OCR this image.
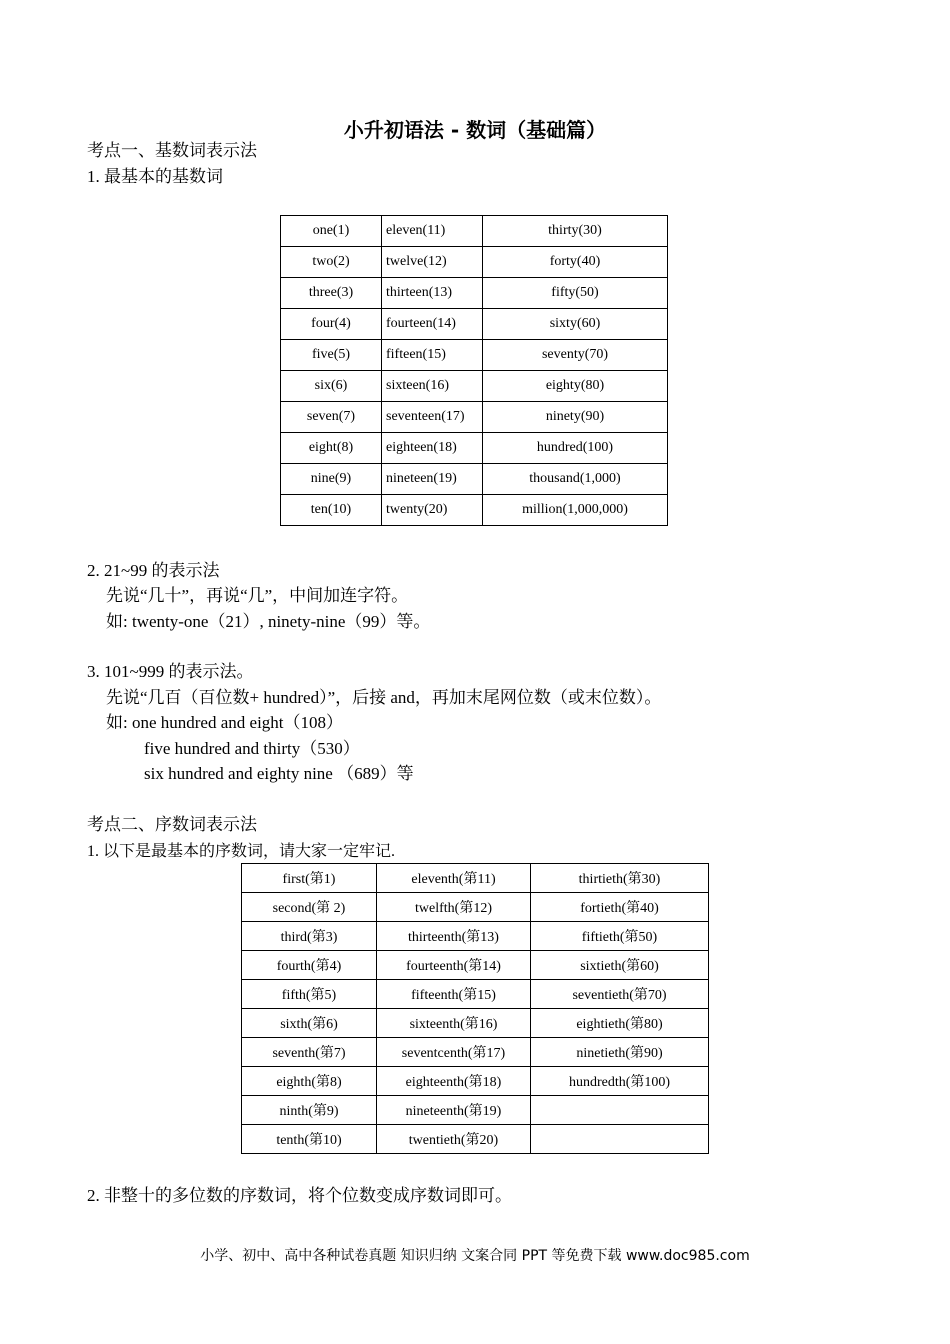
小升初语法 - 数词（基础篇）
考点一、基数词表示法
1. 最基本的基数词
one(1)	eleven(11)	thirty(30)
two(2)	twelve(12)	forty(40)
three(3)	thirteen(13)	fifty(50)
four(4)	fourteen(14)	sixty(60)
five(5)	fifteen(15)	seventy(70)
six(6)	sixteen(16)	eighty(80)
seven(7)	seventeen(17)	ninety(90)
eight(8)	eighteen(18)	hundred(100)
nine(9)	nineteen(19)	thousand(1,000)
ten(10)	twenty(20)	million(1,000,000)
2. 21~99 的表示法
先说“几十”，再说“几”，中间加连字符。
如: twenty-one（21）, ninety-nine（99）等。
3. 101~999 的表示法。
先说“几百（百位数+ hundred）”，后接 and，再加末尾网位数（或末位数）。
如: one hundred and eight（108）
five hundred and thirty（530）
six hundred and eighty nine （689）等
考点二、序数词表示法
1. 以下是最基本的序数词，请大家一定牢记.
first(第1)	eleventh(第11)	thirtieth(第30)
second(第 2)	twelfth(第12)	fortieth(第40)
third(第3)	thirteenth(第13)	fiftieth(第50)
fourth(第4)	fourteenth(第14)	sixtieth(第60)
fifth(第5)	fifteenth(第15)	seventieth(第70)
sixth(第6)	sixteenth(第16)	eightieth(第80)
seventh(第7)	seventcenth(第17)	ninetieth(第90)
eighth(第8)	eighteenth(第18)	hundredth(第100)
ninth(第9)	nineteenth(第19)	
tenth(第10)	twentieth(第20)	
2. 非整十的多位数的序数词，将个位数变成序数词即可。
小学、初中、高中各种试卷真题 知识归纳 文案合同 PPT 等免费下载 www.doc985.com
